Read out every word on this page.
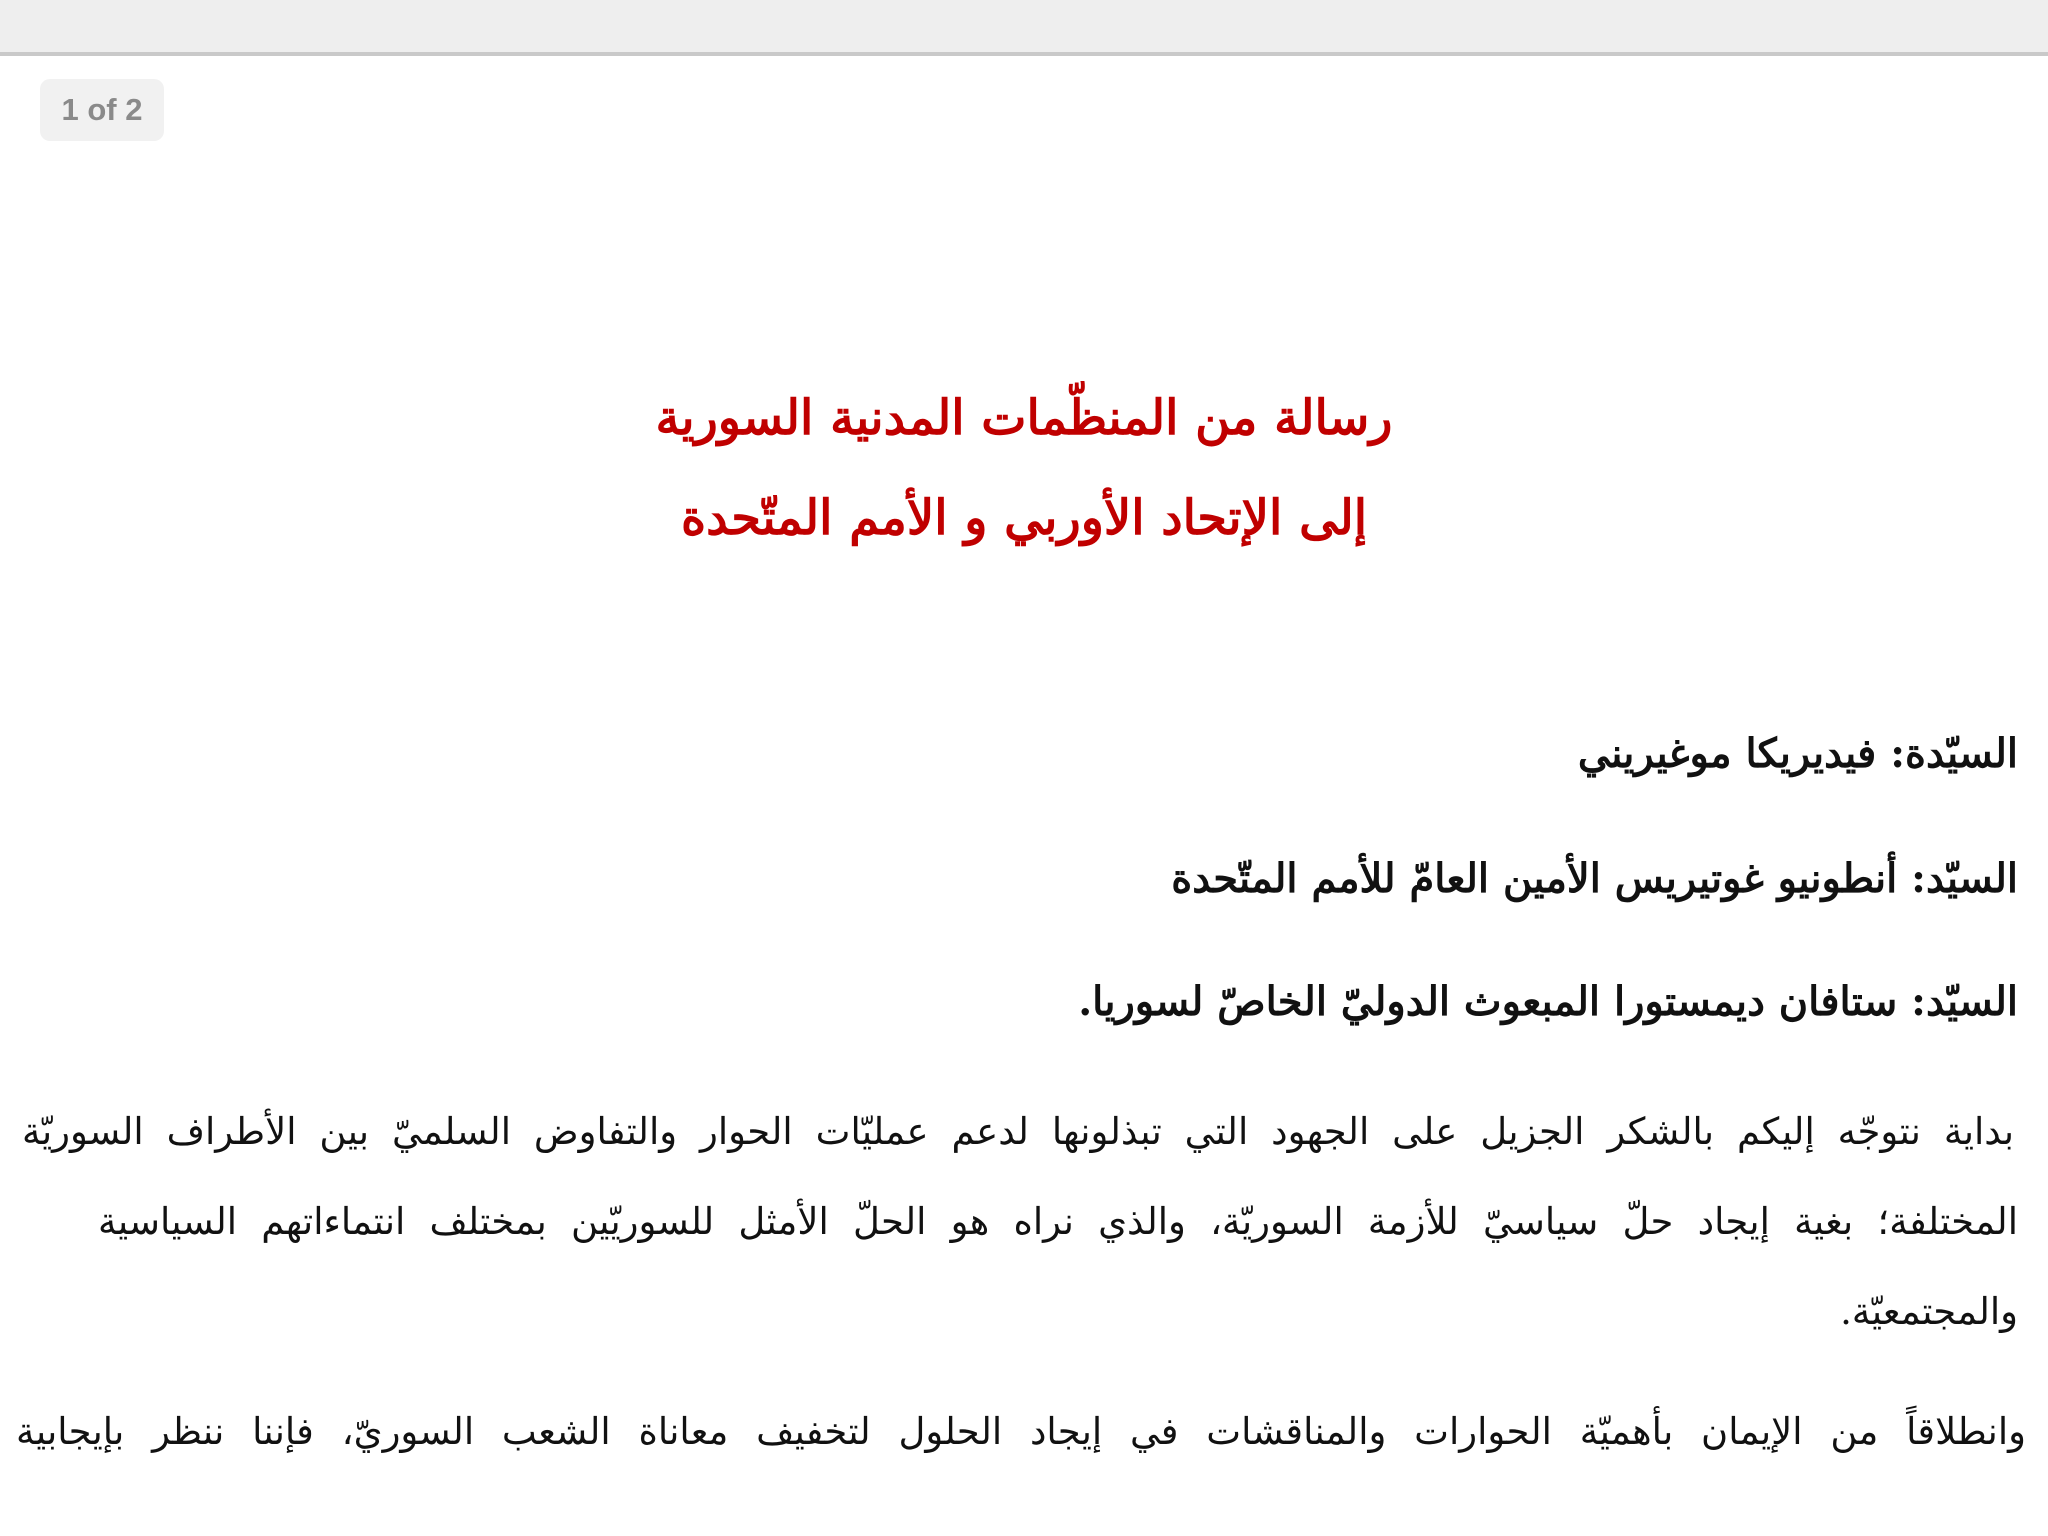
1 of 2
رسالة من المنظّمات المدنية السورية
إلى الإتحاد الأوربي و الأمم المتّحدة
السيّدة: فيديريكا موغيريني
السيّد: أنطونيو غوتيريس الأمين العامّ للأمم المتّحدة
السيّد: ستافان ديمستورا المبعوث الدوليّ الخاصّ لسوريا.
بداية نتوجّه إليكم بالشكر الجزيل على الجهود التي تبذلونها لدعم عمليّات الحوار والتفاوض السلميّ بين الأطراف السوريّة
المختلفة؛ بغية إيجاد حلّ سياسيّ للأزمة السوريّة، والذي نراه هو الحلّ الأمثل للسوريّين بمختلف انتماءاتهم السياسية
والمجتمعيّة.
وانطلاقاً من الإيمان بأهميّة الحوارات والمناقشات في إيجاد الحلول لتخفيف معاناة الشعب السوريّ، فإننا ننظر بإيجابية
